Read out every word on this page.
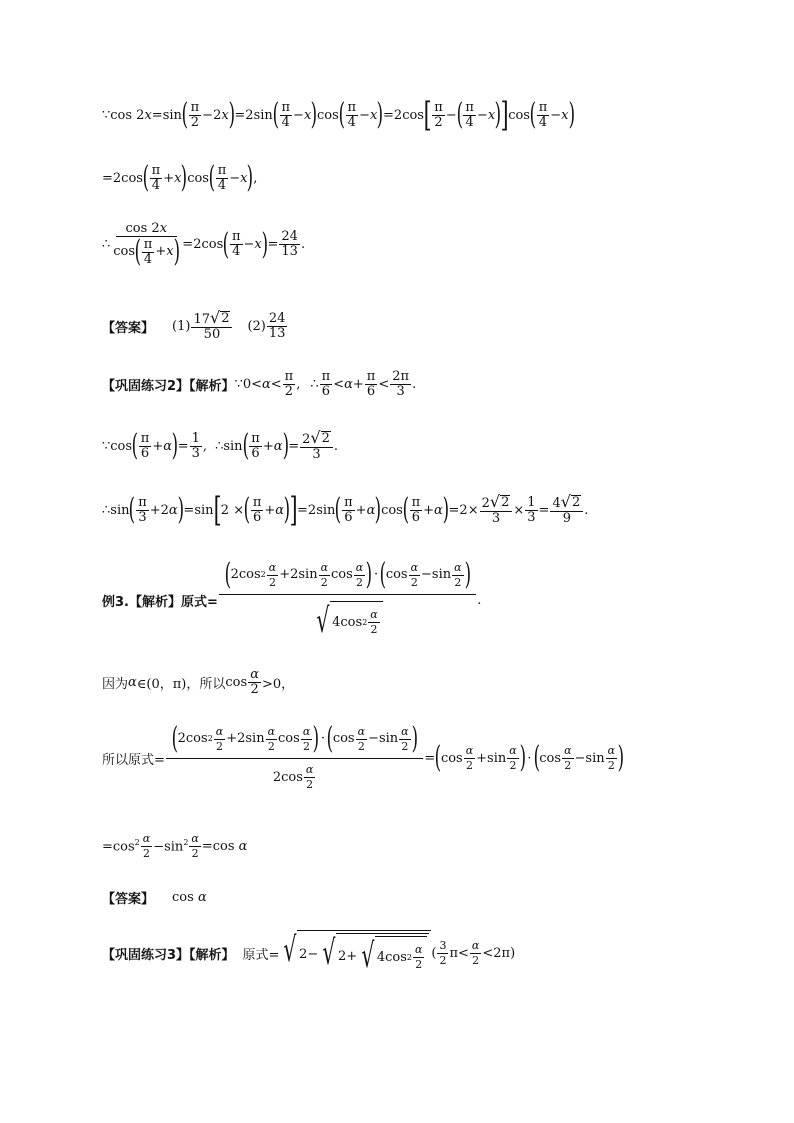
∵cos 2x=sin ( π
2 −2x ) =2sin ( π
4 −x ) cos ( π
4 −x ) =2cos [ π
2 − ( π
4 −x ) ] cos ( π
4 −x )
=2cos ( π
4 +x ) cos ( π
4 −x ) ,
∴ cos 2x
cos ( π
4 + x ) =2cos ( π
4 −x ) = $\frac{24}{13}$ .
【答案】 (1) 17 √ 2
50
(2)
24
13
【巩固练习2】【解析】 ∵0<α<
π
2 , ∴
π
$6 <\alpha+ \frac{\pi}{6}$ <
2π
3 .
∵cos ( π
6 +α ) = $\frac{1}{3}$ , ∴sin ( π
6 +α ) = $\frac{2 √ 2}{3}$ .
∴sin ( π
3 +2α ) =sin [ 2 × ( π
6 +α ) ] =2sin ( π
6 +α ) cos ( π
6 +α ) $=2\times \frac{2 √ 2}{3} \times \frac{1}{3} = \frac{4 √ 2}{9}$ .
例3.【解析】原式= ( 2cos 2
α
2 +2sin α
2 cos α
2 ) · ( cos α
2 −sin α
2 )
√ 4cos 2
α
2 .
因为 α ∈(0，π) ，所以 cos
α
2 >0，
所以原式= ( 2cos 2
α
2 +2sin α
2 cos α
2 ) · ( cos α
2 −sin α
2 )
2cos α
2 = ( cos
α
2 +sin
α
2 ) · ( cos
α
2 −sin
α
2 )
$=\cos^2$ α
$2 -\sin^2 \frac{\alpha}{2} =\cos$ α
【答案】 cos α
【巩固练习3】【解析】 原式= √ 2− √ 2+ √ 4cos 2
α
2
(
3
2 π<
α
2 <2π)
